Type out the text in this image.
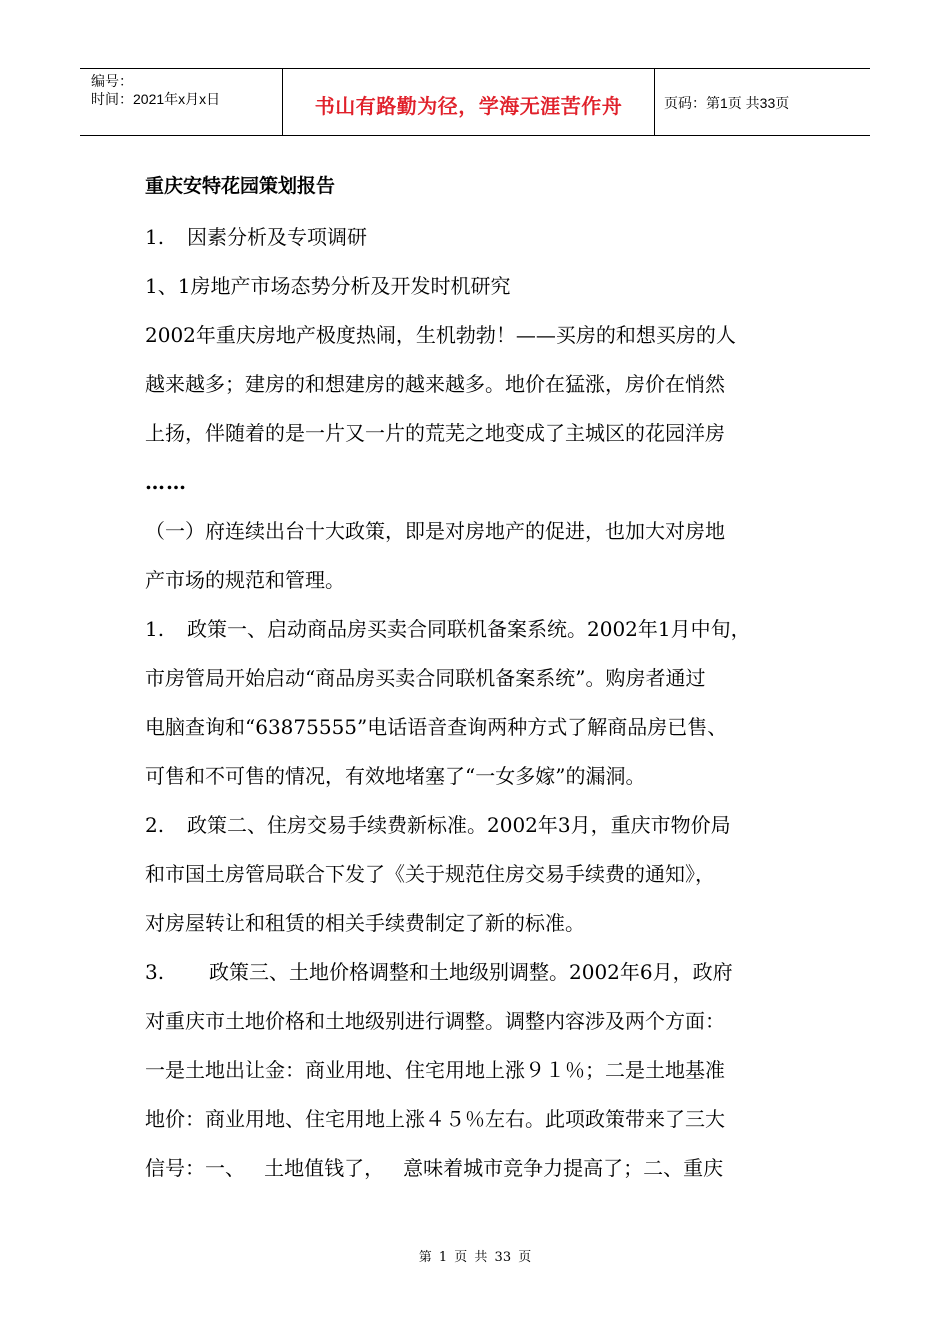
编号：
时间：2021年x月x日	书山有路勤为径，学海无涯苦作舟	页码：第1页 共33页
重庆安特花园策划报告
1. 因素分析及专项调研
1、1房地产市场态势分析及开发时机研究
2002年重庆房地产极度热闹，生机勃勃！——买房的和想买房的人
越来越多；建房的和想建房的越来越多。地价在猛涨，房价在悄然
上扬，伴随着的是一片又一片的荒芜之地变成了主城区的花园洋房
……
（一）府连续出台十大政策，即是对房地产的促进，也加大对房地
产市场的规范和管理。
1. 政策一、启动商品房买卖合同联机备案系统。2002年1月中旬，
市房管局开始启动“商品房买卖合同联机备案系统”。购房者通过
电脑查询和“63875555”电话语音查询两种方式了解商品房已售、
可售和不可售的情况，有效地堵塞了“一女多嫁”的漏洞。
2. 政策二、住房交易手续费新标准。2002年3月，重庆市物价局
和市国土房管局联合下发了《关于规范住房交易手续费的通知》，
对房屋转让和租赁的相关手续费制定了新的标准。
3. 政策三、土地价格调整和土地级别调整。2002年6月，政府
对重庆市土地价格和土地级别进行调整。调整内容涉及两个方面：
一是土地出让金：商业用地、住宅用地上涨９１％；二是土地基准
地价：商业用地、住宅用地上涨４５％左右。此项政策带来了三大
信号：一、   土地值钱了，   意味着城市竞争力提高了；二、重庆
第 1 页 共 33 页
